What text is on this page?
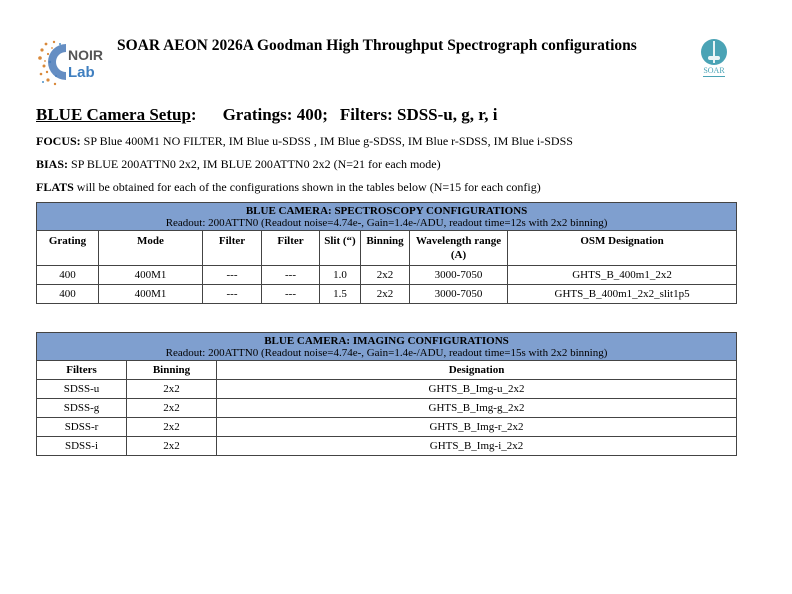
NOIR
Lab
SOAR AEON 2026A Goodman High Throughput Spectrograph configurations
SOAR
BLUE Camera Setup: Gratings: 400; Filters: SDSS-u, g, r, i
FOCUS: SP Blue 400M1 NO FILTER, IM Blue u-SDSS , IM Blue g-SDSS, IM Blue r-SDSS, IM Blue i-SDSS
BIAS: SP BLUE 200ATTN0 2x2, IM BLUE 200ATTN0 2x2 (N=21 for each mode)
FLATS will be obtained for each of the configurations shown in the tables below (N=15 for each config)
BLUE CAMERA: SPECTROSCOPY CONFIGURATIONS
Readout: 200ATTN0 (Readout noise=4.74e-, Gain=1.4e-/ADU, readout time=12s with 2x2 binning)							

Grating	Mode	Filter	Filter	Slit (“)	Binning	Wavelength range (A)	OSM Designation
400	400M1	---	---	1.0	2x2	3000-7050	GHTS_B_400m1_2x2
400	400M1	---	---	1.5	2x2	3000-7050	GHTS_B_400m1_2x2_slit1p5
BLUE CAMERA: IMAGING CONFIGURATIONS
Readout: 200ATTN0 (Readout noise=4.74e-, Gain=1.4e-/ADU, readout time=15s with 2x2 binning)		

Filters	Binning	Designation
SDSS-u	2x2	GHTS_B_Img-u_2x2
SDSS-g	2x2	GHTS_B_Img-g_2x2
SDSS-r	2x2	GHTS_B_Img-r_2x2
SDSS-i	2x2	GHTS_B_Img-i_2x2
